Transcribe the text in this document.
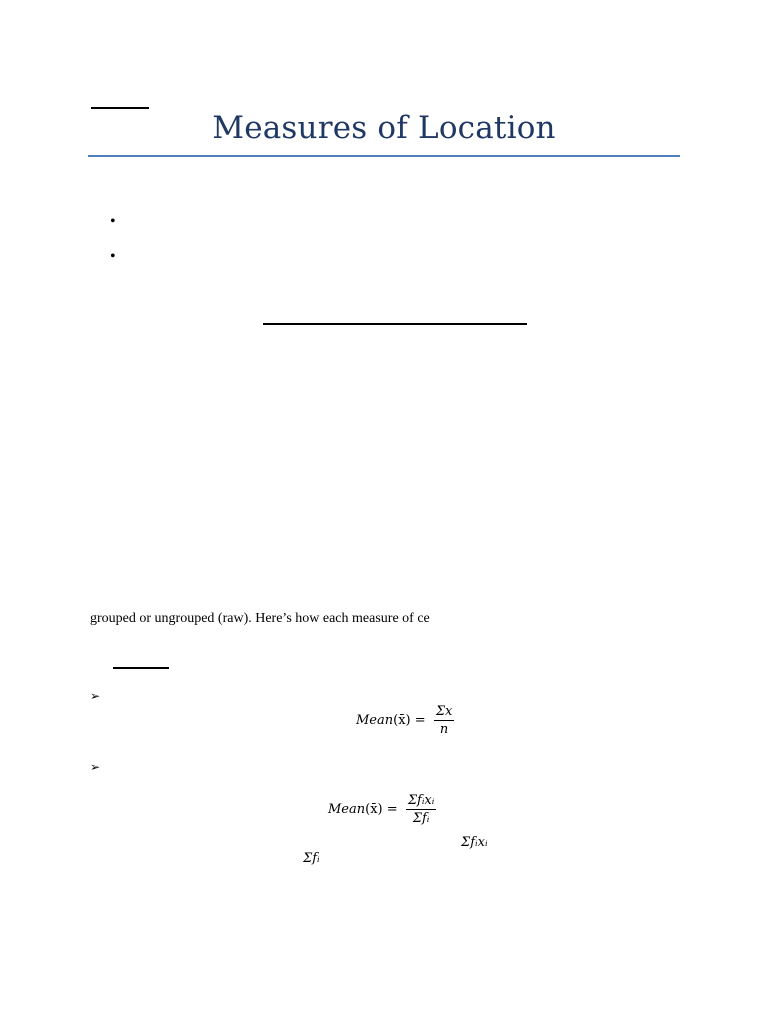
Measures of Location
•
•
grouped or ungrouped (raw). Here’s how each measure of ce
➢
Mean(x̄) = $\frac{\Sigma x}{n}$
➢
Mean(x̄) = $\frac{\text{Σfᵢxᵢ}}{\text{Σfᵢ}}$
Σfᵢxᵢ
Σfᵢ
